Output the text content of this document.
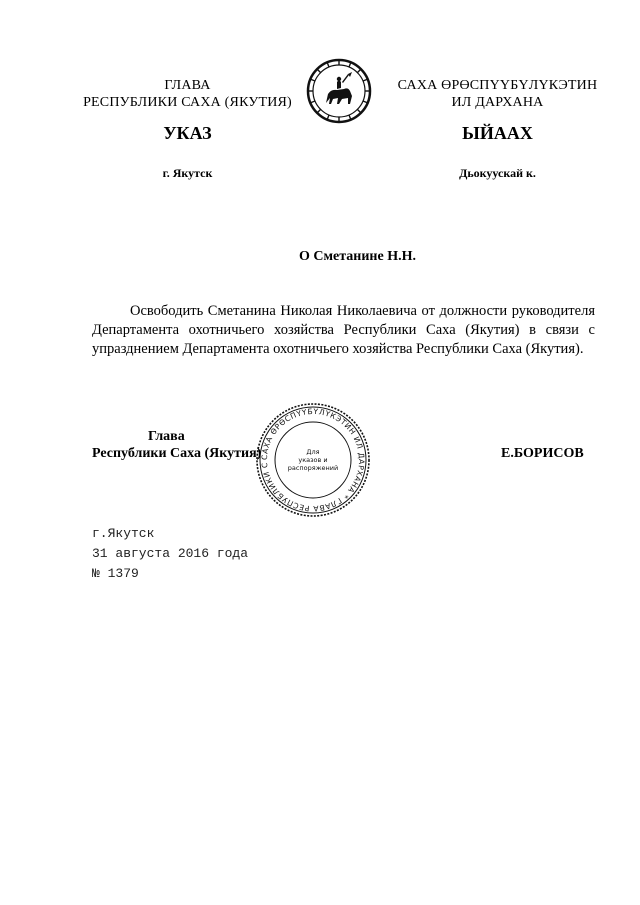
ГЛАВА
РЕСПУБЛИКИ САХА (ЯКУТИЯ)
САХА ӨРӨСПҮҮБҮЛҮКЭТИН
ИЛ ДАРХАНА
УКАЗ	ЫЙААХ
г. Якутск	Дьокуускай к.
О Сметанине Н.Н.

Освободить Сметанина Николая Николаевича от должности руководителя Департамента охотничьего хозяйства Республики Саха (Якутия) в связи с упразднением Департамента охотничьего хозяйства Республики Саха (Якутия).

Глава
Республики Саха (Якутия)	Е.БОРИСОВ
САХА ӨРӨСПҮҮБҮЛҮКЭТИН ИЛ ДАРХАНА * ГЛАВА РЕСПУБЛИКИ С
Для
указов и
распоряжений
г.Якутск
31 августа 2016 года
№ 1379
